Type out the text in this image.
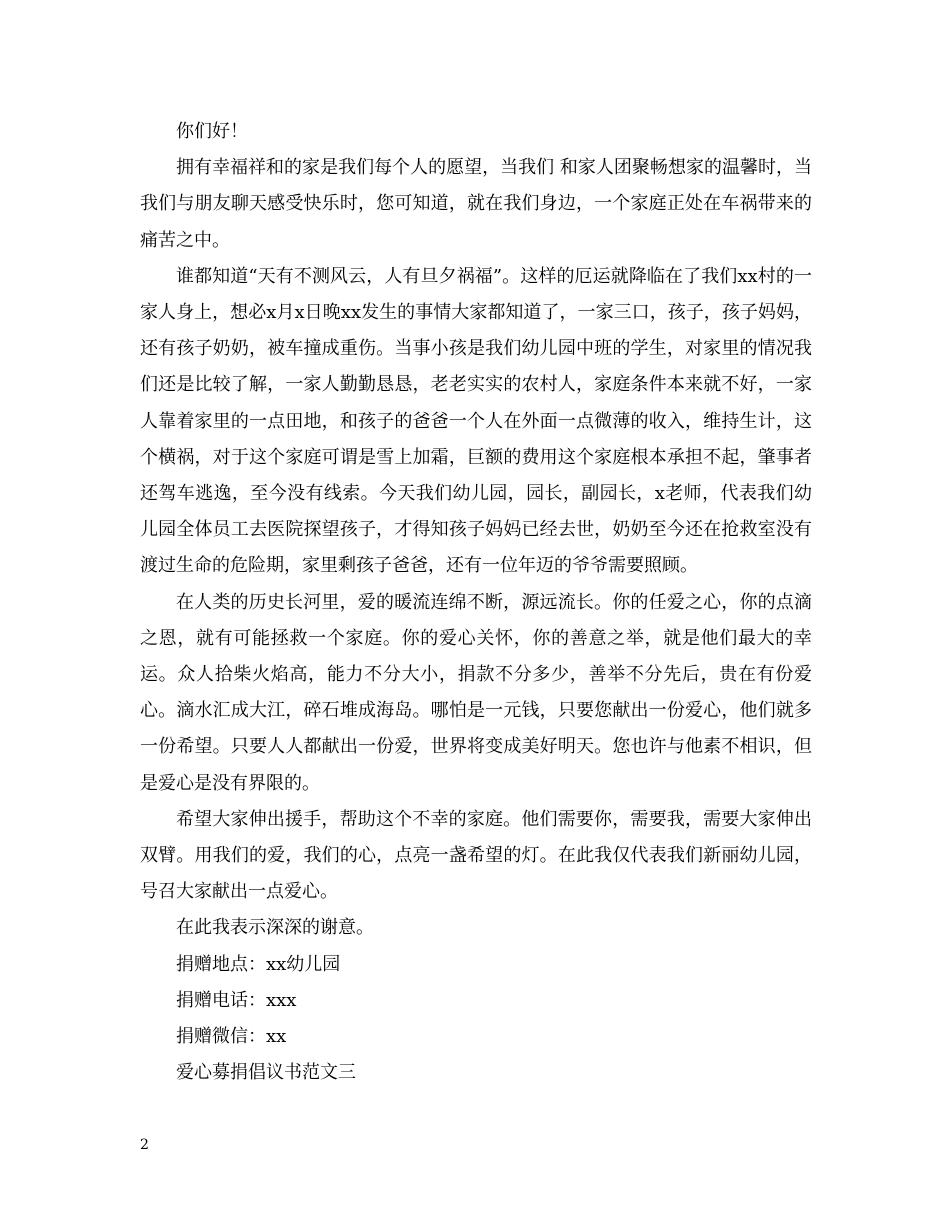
你们好！

拥有幸福祥和的家是我们每个人的愿望，当我们 和家人团聚畅想家的温馨时，当我们与朋友聊天感受快乐时，您可知道，就在我们身边，一个家庭正处在车祸带来的痛苦之中。

谁都知道“天有不测风云，人有旦夕祸福”。这样的厄运就降临在了我们xx村的一家人身上，想必x月x日晚xx发生的事情大家都知道了，一家三口，孩子，孩子妈妈，还有孩子奶奶，被车撞成重伤。当事小孩是我们幼儿园中班的学生，对家里的情况我们还是比较了解，一家人勤勤恳恳，老老实实的农村人，家庭条件本来就不好，一家人靠着家里的一点田地，和孩子的爸爸一个人在外面一点微薄的收入，维持生计，这个横祸，对于这个家庭可谓是雪上加霜，巨额的费用这个家庭根本承担不起，肇事者还驾车逃逸，至今没有线索。今天我们幼儿园，园长，副园长，x老师，代表我们幼儿园全体员工去医院探望孩子，才得知孩子妈妈已经去世，奶奶至今还在抢救室没有渡过生命的危险期，家里剩孩子爸爸，还有一位年迈的爷爷需要照顾。

在人类的历史长河里，爱的暖流连绵不断，源远流长。你的任爱之心，你的点滴之恩，就有可能拯救一个家庭。你的爱心关怀，你的善意之举，就是他们最大的幸运。众人拾柴火焰高，能力不分大小，捐款不分多少，善举不分先后，贵在有份爱心。滴水汇成大江，碎石堆成海岛。哪怕是一元钱，只要您献出一份爱心，他们就多一份希望。只要人人都献出一份爱，世界将变成美好明天。您也许与他素不相识，但是爱心是没有界限的。

希望大家伸出援手，帮助这个不幸的家庭。他们需要你，需要我，需要大家伸出双臂。用我们的爱，我们的心，点亮一盏希望的灯。在此我仅代表我们新丽幼儿园，号召大家献出一点爱心。

在此我表示深深的谢意。

捐赠地点：xx幼儿园

捐赠电话：xxx

捐赠微信：xx

爱心募捐倡议书范文三

2
